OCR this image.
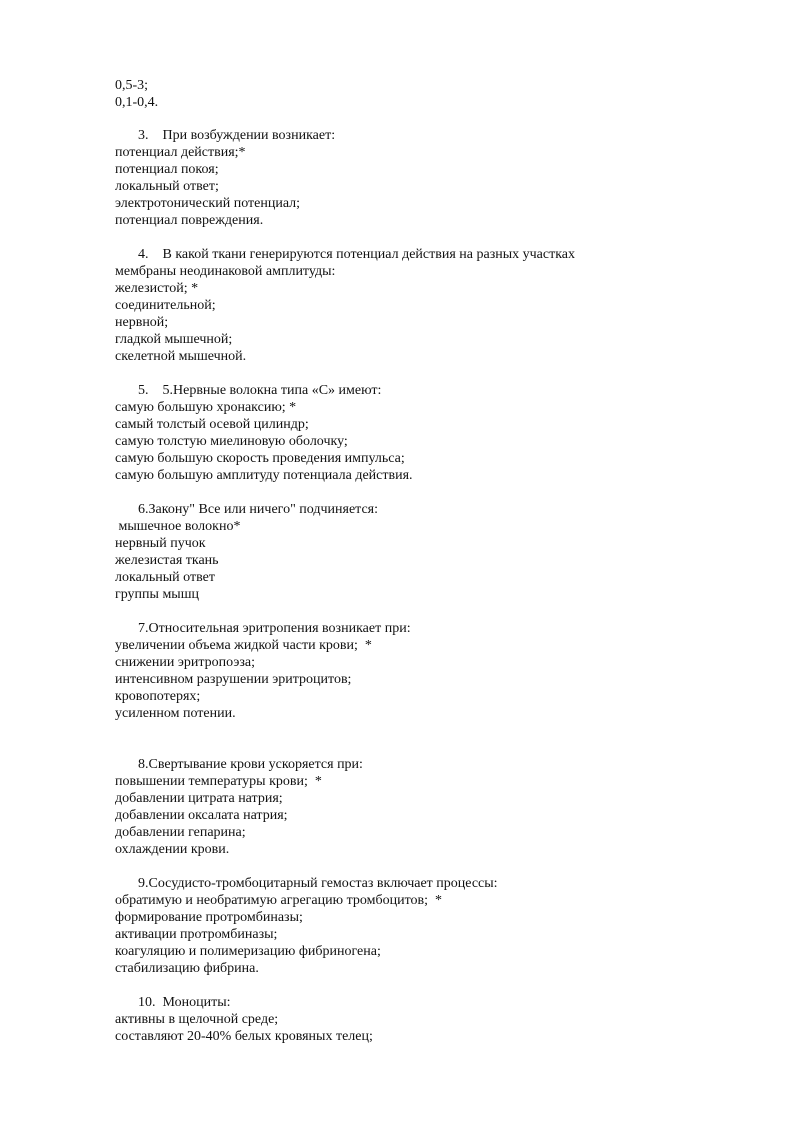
0,5-3;
0,1-0,4.
3.    При возбуждении возникает:
потенциал действия;*
потенциал покоя;
локальный ответ;
электротонический потенциал;
потенциал повреждения.
4.    В какой ткани генерируются потенциал действия на разных участках
мембраны неодинаковой амплитуды:
железистой; *
соединительной;
нервной;
гладкой мышечной;
скелетной мышечной.
5.    5.Нервные волокна типа «С» имеют:
самую большую хронаксию; *
самый толстый осевой цилиндр;
самую толстую миелиновую оболочку;
самую большую скорость проведения импульса;
самую большую амплитуду потенциала действия.
6.Закону" Все или ничего" подчиняется:
мышечное волокно*
нервный пучок
железистая ткань
локальный ответ
группы мышц
7.Относительная эритропения возникает при:
увеличении объема жидкой части крови;  *
снижении эритропоэза;
интенсивном разрушении эритроцитов;
кровопотерях;
усиленном потении.
8.Свертывание крови ускоряется при:
повышении температуры крови;  *
добавлении цитрата натрия;
добавлении оксалата натрия;
добавлении гепарина;
охлаждении крови.
9.Сосудисто-тромбоцитарный гемостаз включает процессы:
обратимую и необратимую агрегацию тромбоцитов;  *
формирование протромбиназы;
активации протромбиназы;
коагуляцию и полимеризацию фибриногена;
стабилизацию фибрина.
10.  Моноциты:
активны в щелочной среде;
составляют 20-40% белых кровяных телец;
